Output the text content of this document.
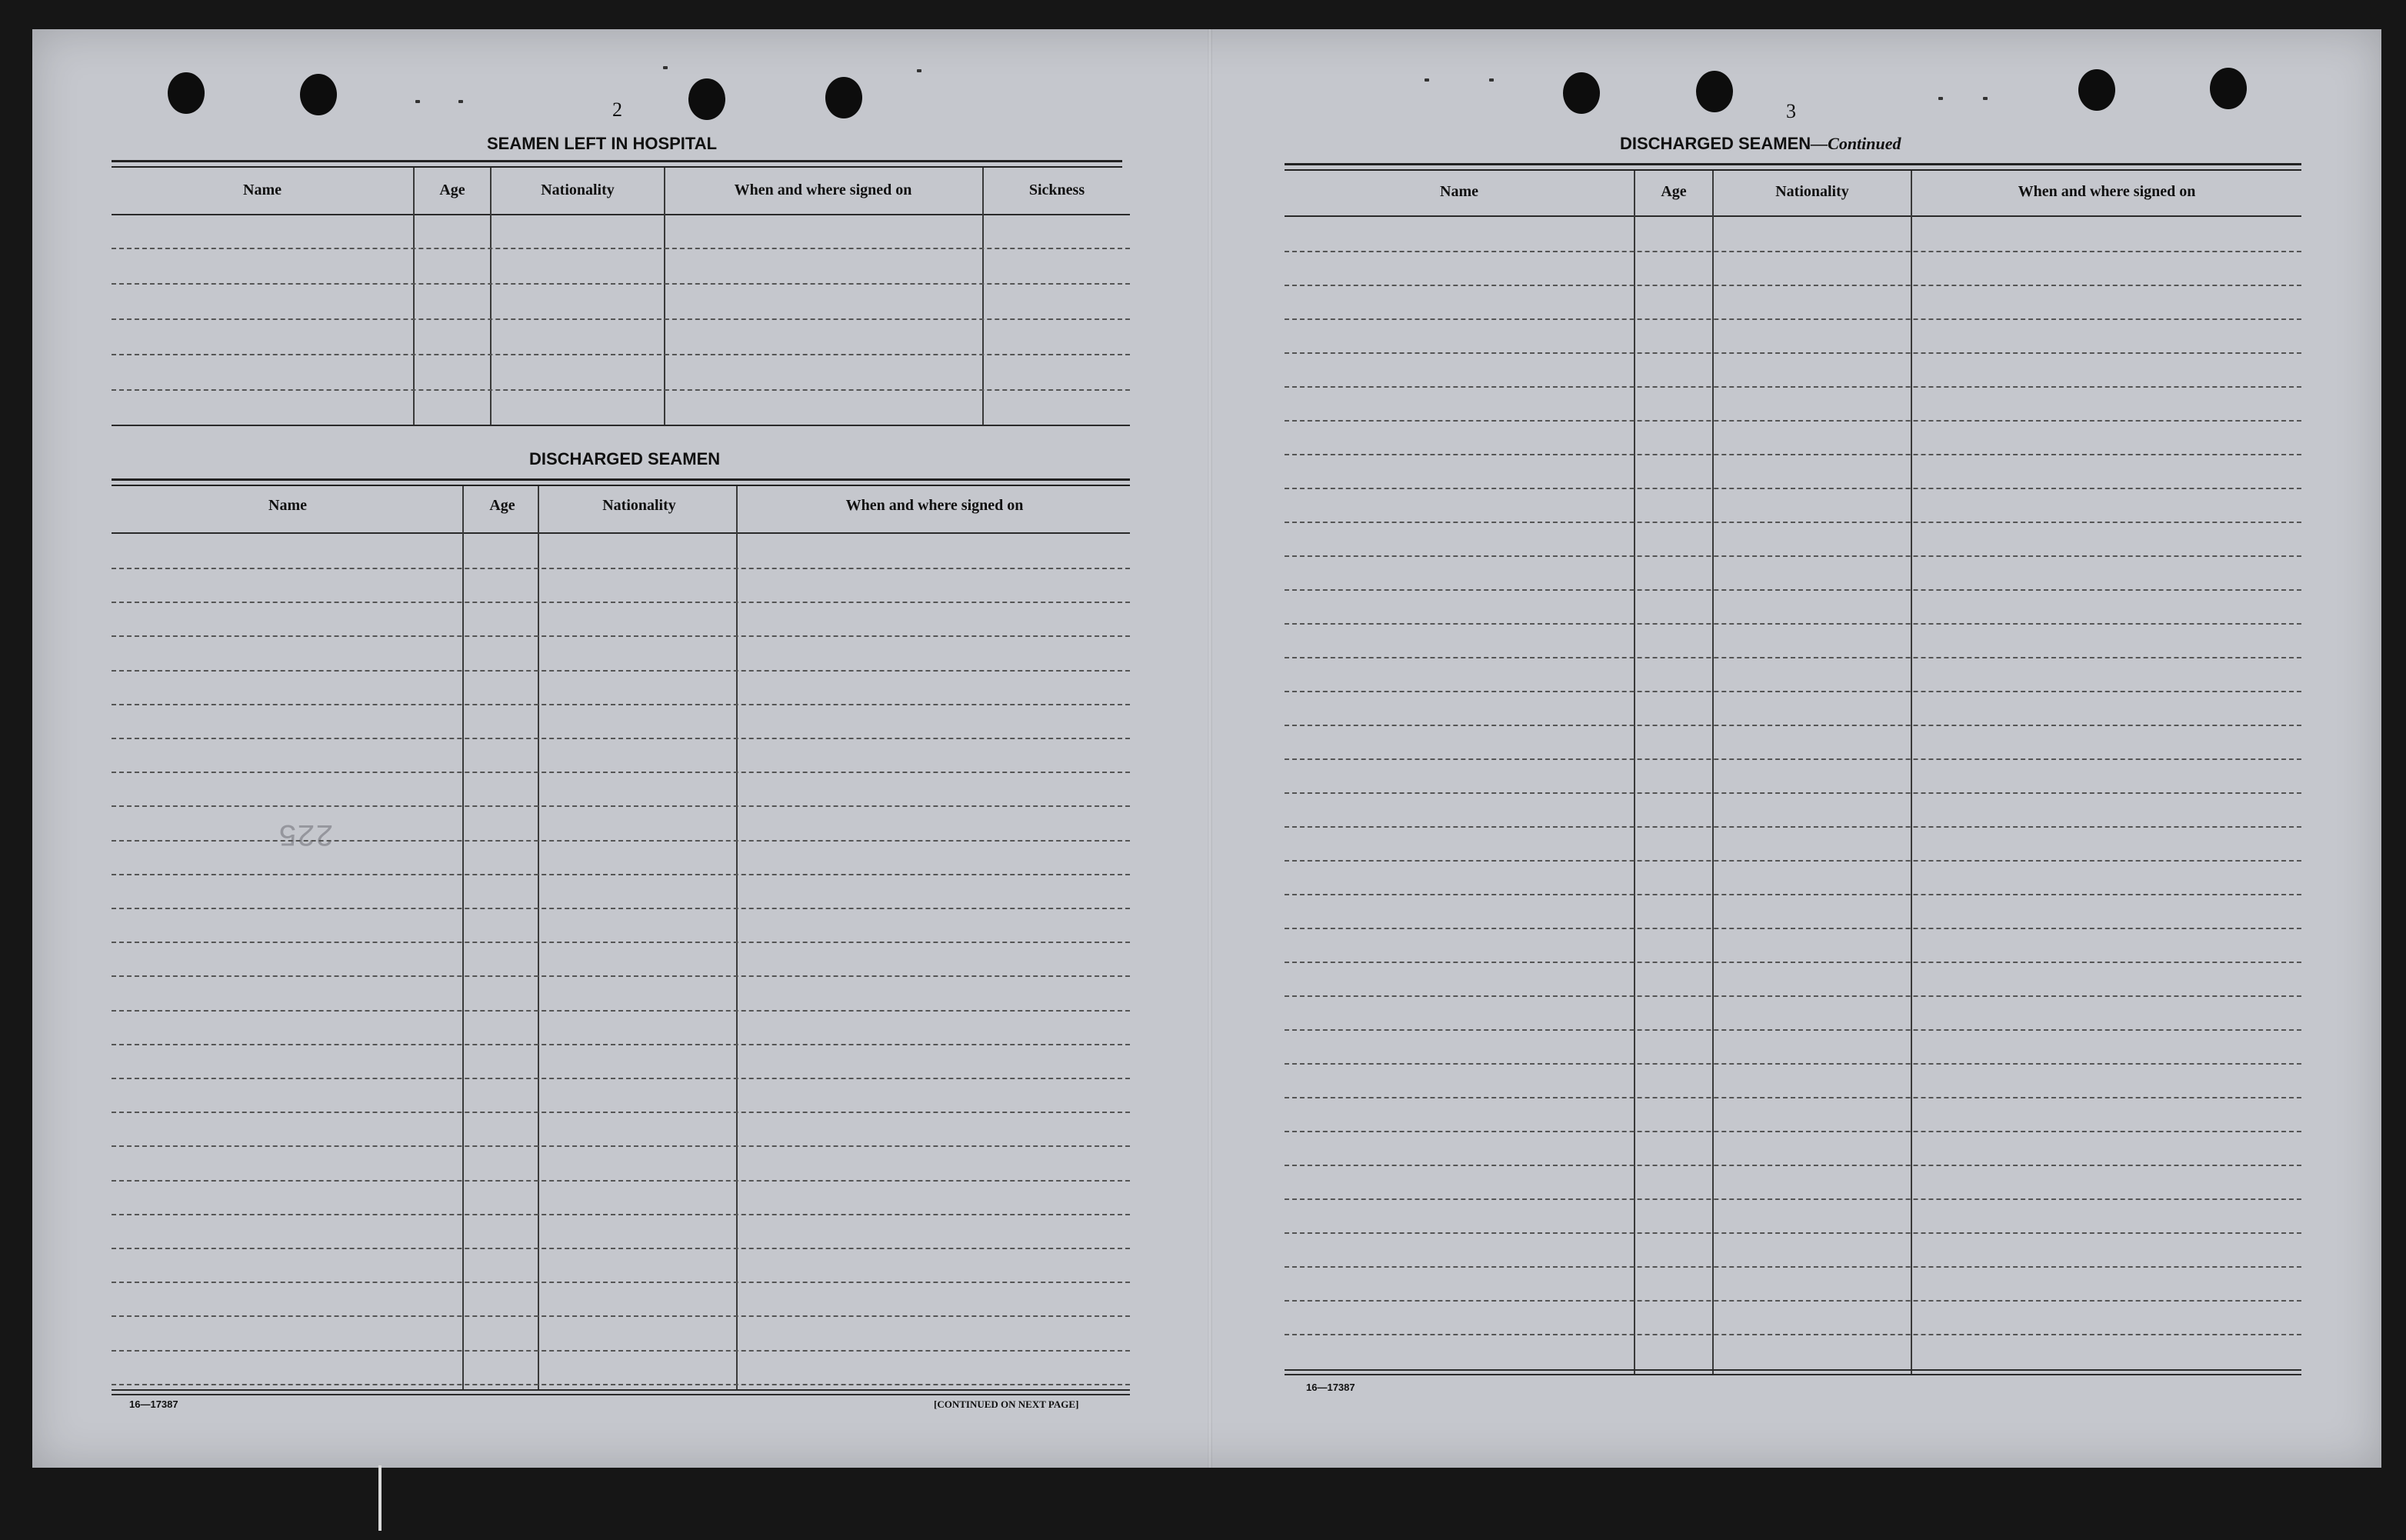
2
SEAMEN LEFT IN HOSPITAL
Name	Age	Nationality	When and where signed on	Sickness
DISCHARGED SEAMEN
Name	Age	Nationality	When and where signed on
225
16—17387	[CONTINUED ON NEXT PAGE]
3
DISCHARGED SEAMEN—Continued
Name	Age	Nationality	When and where signed on
16—17387
